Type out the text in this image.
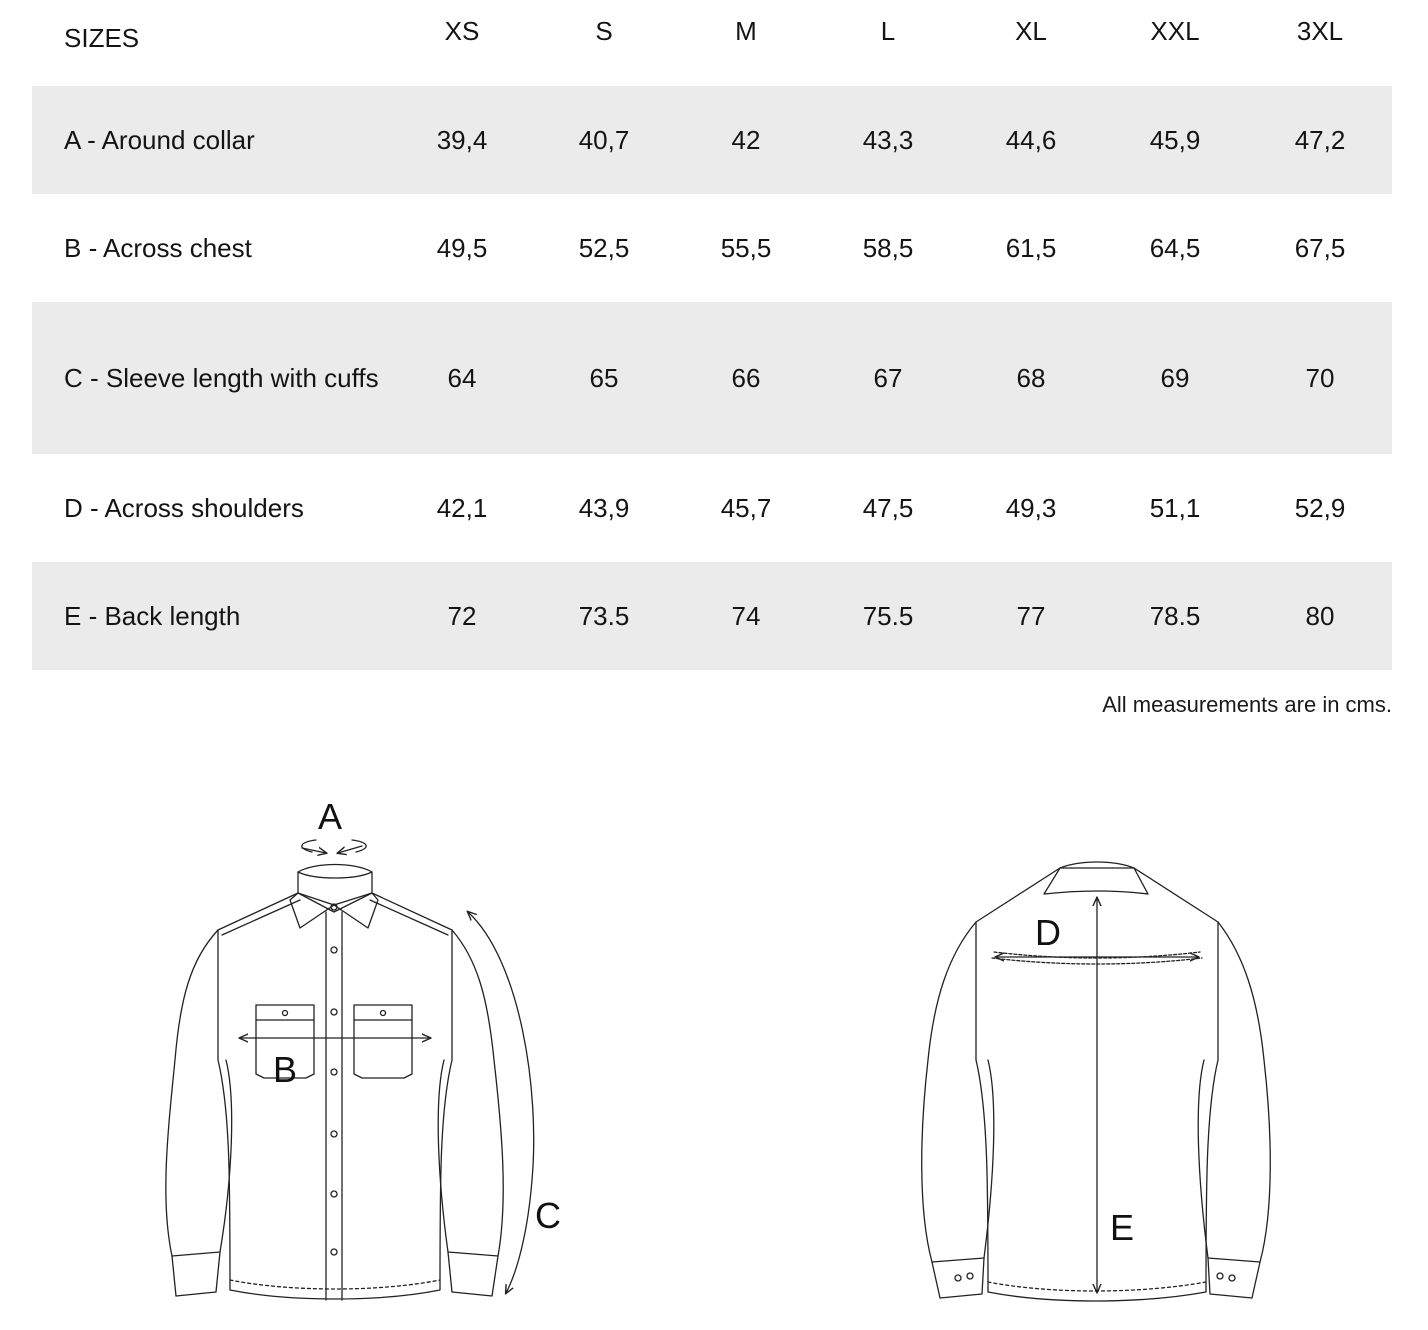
SIZES	XS	S	M	L	XL	XXL	3XL
A - Around collar	39,4	40,7	42	43,3	44,6	45,9	47,2
B - Across chest	49,5	52,5	55,5	58,5	61,5	64,5	67,5
C - Sleeve length with cuffs	64	65	66	67	68	69	70
D - Across shoulders	42,1	43,9	45,7	47,5	49,3	51,1	52,9
E - Back length	72	73.5	74	75.5	77	78.5	80
All measurements are in cms.
A
B
C
D
E
